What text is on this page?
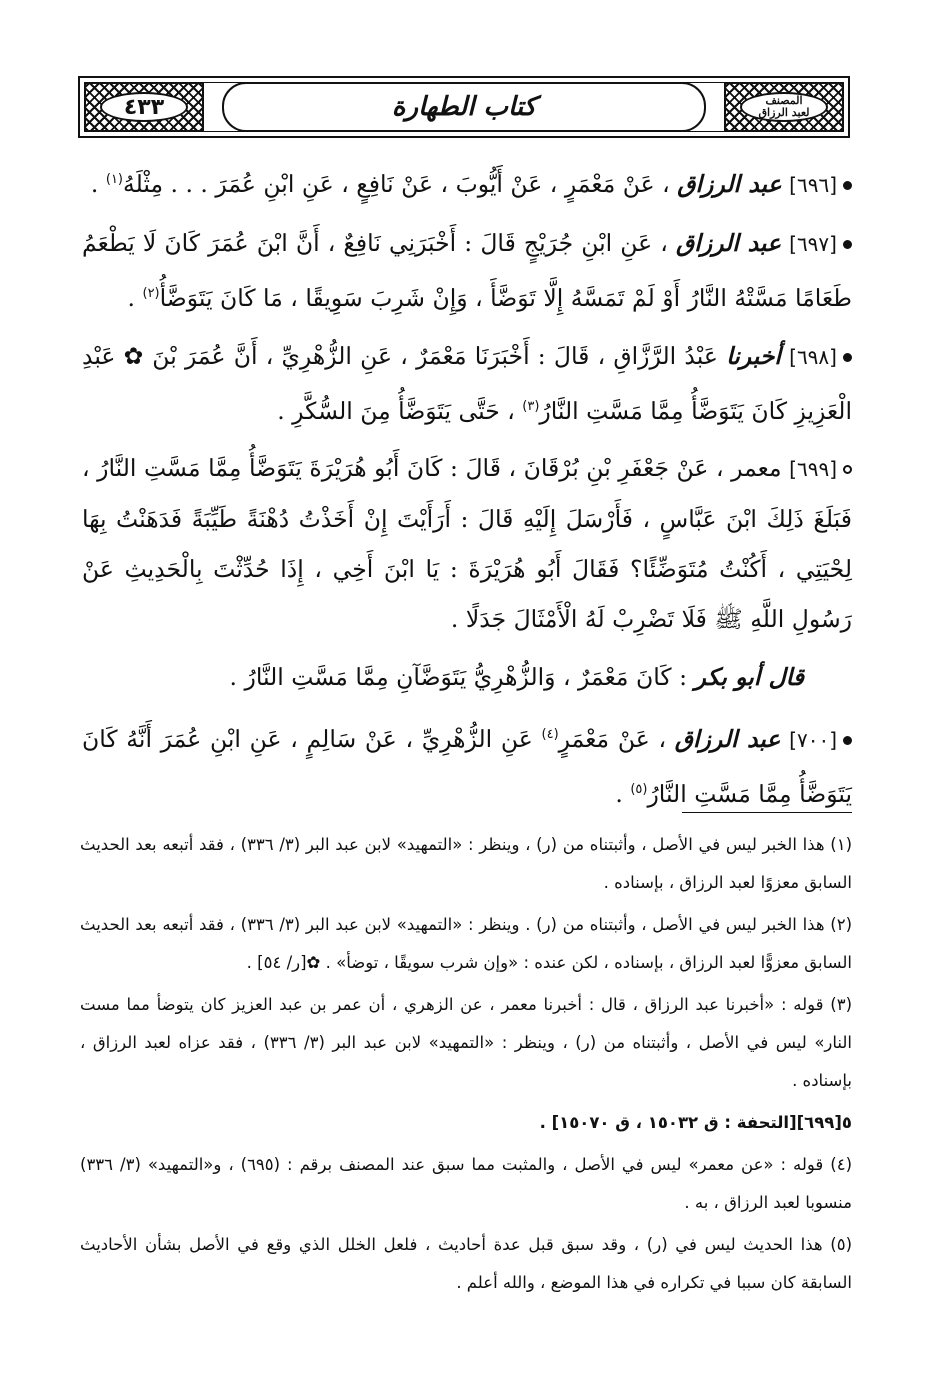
٤٣٣	كتاب الطهارة	المصنف
لعبد الرزاق

[٦٩٦] عبد الرزاق ، عَنْ مَعْمَرٍ ، عَنْ أَيُّوبَ ، عَنْ نَافِعٍ ، عَنِ ابْنِ عُمَرَ . . . مِثْلَهُ$^{(١)}$ .

[٦٩٧] عبد الرزاق ، عَنِ ابْنِ جُرَيْجٍ قَالَ : أَخْبَرَنِي نَافِعٌ ، أَنَّ ابْنَ عُمَرَ كَانَ لَا يَطْعَمُ طَعَامًا مَسَّتْهُ النَّارُ أَوْ لَمْ تَمَسَّهُ إِلَّا تَوَضَّأَ ، وَإِنْ شَرِبَ سَوِيقًا ، مَا كَانَ يَتَوَضَّأُ$^{(٢)}$ .

[٦٩٨] أخبرنا عَبْدُ الرَّزَّاقِ ، قَالَ : أَخْبَرَنَا مَعْمَرٌ ، عَنِ الزُّهْرِيِّ ، أَنَّ عُمَرَ بْنَ ✿ عَبْدِ الْعَزِيزِ كَانَ يَتَوَضَّأُ مِمَّا مَسَّتِ النَّارُ$^{(٣)}$ ، حَتَّى يَتَوَضَّأُ مِنَ السُّكَّرِ .

[٦٩٩] معمر ، عَنْ جَعْفَرِ بْنِ بُرْقَانَ ، قَالَ : كَانَ أَبُو هُرَيْرَةَ يَتَوَضَّأُ مِمَّا مَسَّتِ النَّارُ ، فَبَلَغَ ذَلِكَ ابْنَ عَبَّاسٍ ، فَأَرْسَلَ إِلَيْهِ قَالَ : أَرَأَيْتَ إِنْ أَخَذْتُ دُهْنَةً طَيِّبَةً فَدَهَنْتُ بِهَا لِحْيَتِي ، أَكُنْتُ مُتَوَضِّئًا؟ فَقَالَ أَبُو هُرَيْرَةَ : يَا ابْنَ أَخِي ، إِذَا حُدِّثْتَ بِالْحَدِيثِ عَنْ رَسُولِ اللَّهِ ﷺ فَلَا تَضْرِبْ لَهُ الْأَمْثَالَ جَدَلًا .

قال أبو بكر : كَانَ مَعْمَرٌ ، وَالزُّهْرِيُّ يَتَوَضَّآنِ مِمَّا مَسَّتِ النَّارُ .

[٧٠٠] عبد الرزاق ، عَنْ مَعْمَرٍ$^{(٤)}$ عَنِ الزُّهْرِيِّ ، عَنْ سَالِمٍ ، عَنِ ابْنِ عُمَرَ أَنَّهُ كَانَ يَتَوَضَّأُ مِمَّا مَسَّتِ النَّارُ$^{(٥)}$ .

(١) هذا الخبر ليس في الأصل ، وأثبتناه من (ر) ، وينظر : «التمهيد» لابن عبد البر (٣/ ٣٣٦) ، فقد أتبعه بعد الحديث السابق معزوًا لعبد الرزاق ، بإسناده .

(٢) هذا الخبر ليس في الأصل ، وأثبتناه من (ر) . وينظر : «التمهيد» لابن عبد البر (٣/ ٣٣٦) ، فقد أتبعه بعد الحديث السابق معزوًّا لعبد الرزاق ، بإسناده ، لكن عنده : «وإن شرب سويقًا ، توضأ» . ✿[ر/ ٥٤] .

(٣) قوله : «أخبرنا عبد الرزاق ، قال : أخبرنا معمر ، عن الزهري ، أن عمر بن عبد العزيز كان يتوضأ مما مست النار» ليس في الأصل ، وأثبتناه من (ر) ، وينظر : «التمهيد» لابن عبد البر (٣/ ٣٣٦) ، فقد عزاه لعبد الرزاق ، بإسناده .

٥[٦٩٩][التحفة : ق ١٥٠٣٢ ، ق ١٥٠٧٠] .

(٤) قوله : «عن معمر» ليس في الأصل ، والمثبت مما سبق عند المصنف برقم : (٦٩٥) ، و«التمهيد» (٣/ ٣٣٦) منسوبا لعبد الرزاق ، به .

(٥) هذا الحديث ليس في (ر) ، وقد سبق قبل عدة أحاديث ، فلعل الخلل الذي وقع في الأصل بشأن الأحاديث السابقة كان سببا في تكراره في هذا الموضع ، والله أعلم .
